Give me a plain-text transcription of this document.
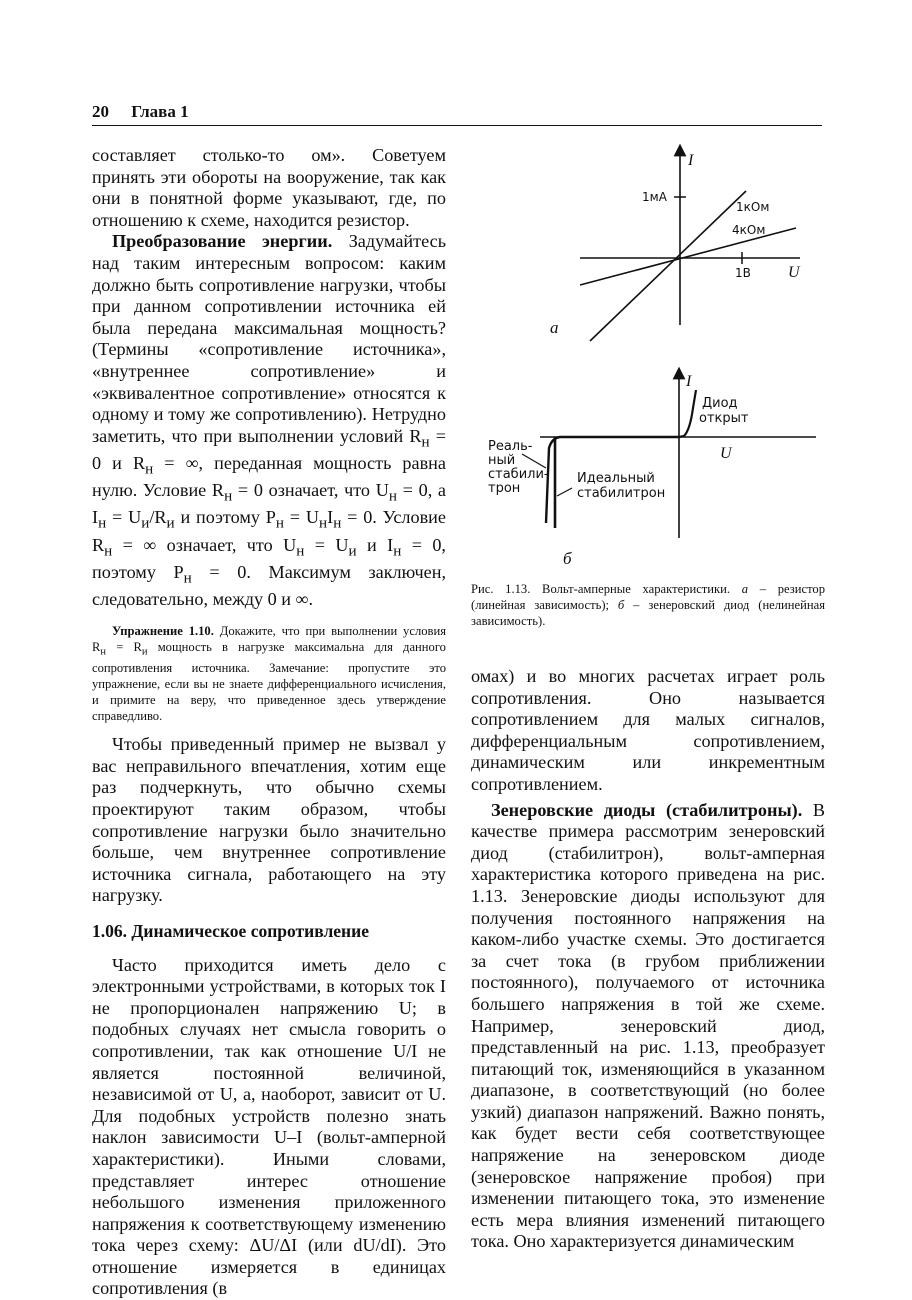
20 Глава 1

составляет столько-то ом». Советуем принять эти обороты на вооружение, так как они в понятной форме указывают, где, по отношению к схеме, находится резистор.

Преобразование энергии. Задумайтесь над таким интересным вопросом: каким должно быть сопротивление нагрузки, чтобы при данном сопротивлении источника ей была передана максимальная мощность? (Термины «сопротивление источника», «внутреннее сопротивление» и «эквивалентное сопротивление» относятся к одному и тому же сопротивлению). Нетрудно заметить, что при выполнении условий $R_н = 0$ и $R_н$ = ∞, переданная мощность равна нулю. Условие $R_н = 0$ означает, что $U_н = 0$, а $I_н = U_и/R_и$ и поэтому $P_н = U_нI_н = 0$. Условие $R_н$ = ∞ означает, что $U_н = U_и$ и $I_н = 0$, поэтому $P_н = 0$. Максимум заключен, следовательно, между 0 и ∞.

Упражнение 1.10. Докажите, что при выполнении условия $R_н = R_и$ мощность в нагрузке максимальна для данного сопротивления источника. Замечание: пропустите это упражнение, если вы не знаете дифференциального исчисления, и примите на веру, что приведенное здесь утверждение справедливо.

Чтобы приведенный пример не вызвал у вас неправильного впечатления, хотим еще раз подчеркнуть, что обычно схемы проектируют таким образом, чтобы сопротивление нагрузки было значительно больше, чем внутреннее сопротивление источника сигнала, работающего на эту нагрузку.

1.06. Динамическое сопротивление

Часто приходится иметь дело с электронными устройствами, в которых ток I не пропорционален напряжению U; в подобных случаях нет смысла говорить о сопротивлении, так как отношение U/I не является постоянной величиной, независимой от U, а, наоборот, зависит от U. Для подобных устройств полезно знать наклон зависимости U–I (вольт-амперной характеристики). Иными словами, представляет интерес отношение небольшого изменения приложенного напряжения к соответствующему изменению тока через схему: ΔU/ΔI (или dU/dI). Это отношение измеряется в единицах сопротивления (в

I
1мА
1кОм
4кОм
1В U
а
I
Диод
открыт
U
Реаль-
ный
стабили-
трон
Идеальный
стабилитрон
б
Рис. 1.13. Вольт-амперные характеристики. а – резистор (линейная зависимость); б – зенеровский диод (нелинейная зависимость).

омах) и во многих расчетах играет роль сопротивления. Оно называется сопротивлением для малых сигналов, дифференциальным сопротивлением, динамическим или инкрементным сопротивлением.

Зенеровские диоды (стабилитроны). В качестве примера рассмотрим зенеровский диод (стабилитрон), вольт-амперная характеристика которого приведена на рис. 1.13. Зенеровские диоды используют для получения постоянного напряжения на каком-либо участке схемы. Это достигается за счет тока (в грубом приближении постоянного), получаемого от источника большего напряжения в той же схеме. Например, зенеровский диод, представленный на рис. 1.13, преобразует питающий ток, изменяющийся в указанном диапазоне, в соответствующий (но более узкий) диапазон напряжений. Важно понять, как будет вести себя соответствующее напряжение на зенеровском диоде (зенеровское напряжение пробоя) при изменении питающего тока, это изменение есть мера влияния изменений питающего тока. Оно характеризуется динамическим
